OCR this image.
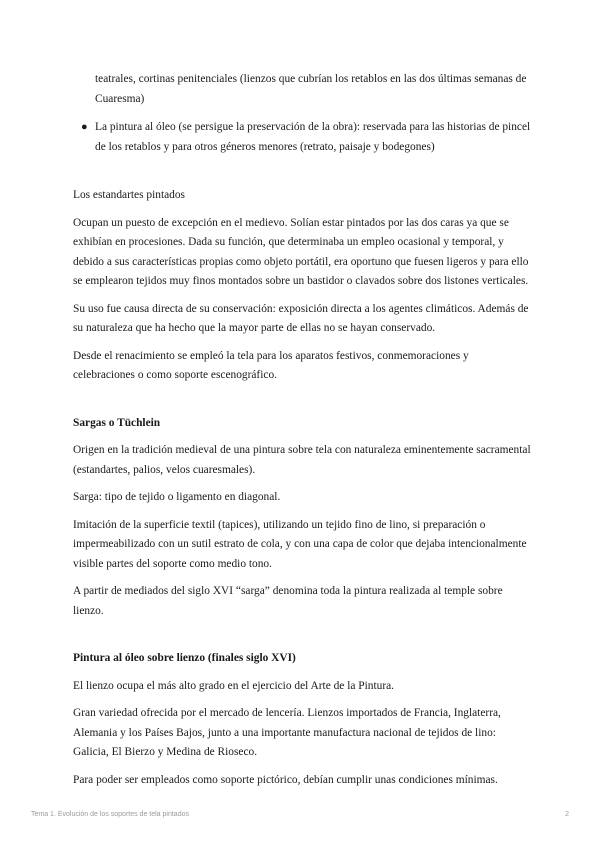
teatrales, cortinas penitenciales (lienzos que cubrían los retablos en las dos últimas semanas de Cuaresma)

● La pintura al óleo (se persigue la preservación de la obra): reservada para las historias de pincel de los retablos y para otros géneros menores (retrato, paisaje y bodegones)

Los estandartes pintados

Ocupan un puesto de excepción en el medievo. Solían estar pintados por las dos caras ya que se exhibían en procesiones. Dada su función, que determinaba un empleo ocasional y temporal, y debido a sus características propias como objeto portátil, era oportuno que fuesen ligeros y para ello se emplearon tejidos muy finos montados sobre un bastidor o clavados sobre dos listones verticales.

Su uso fue causa directa de su conservación: exposición directa a los agentes climáticos. Además de su naturaleza que ha hecho que la mayor parte de ellas no se hayan conservado.

Desde el renacimiento se empleó la tela para los aparatos festivos, conmemoraciones y celebraciones o como soporte escenográfico.

Sargas o Tüchlein

Origen en la tradición medieval de una pintura sobre tela con naturaleza eminentemente sacramental (estandartes, palios, velos cuaresmales).

Sarga: tipo de tejido o ligamento en diagonal.

Imitación de la superficie textil (tapices), utilizando un tejido fino de lino, si preparación o impermeabilizado con un sutil estrato de cola, y con una capa de color que dejaba intencionalmente visible partes del soporte como medio tono.

A partir de mediados del siglo XVI “sarga” denomina toda la pintura realizada al temple sobre lienzo.

Pintura al óleo sobre lienzo (finales siglo XVI)

El lienzo ocupa el más alto grado en el ejercicio del Arte de la Pintura.

Gran variedad ofrecida por el mercado de lencería. Lienzos importados de Francia, Inglaterra, Alemania y los Países Bajos, junto a una importante manufactura nacional de tejidos de lino: Galicia, El Bierzo y Medina de Rioseco.

Para poder ser empleados como soporte pictórico, debían cumplir unas condiciones mínimas.

Tema 1. Evolución de los soportes de tela pintados	2
